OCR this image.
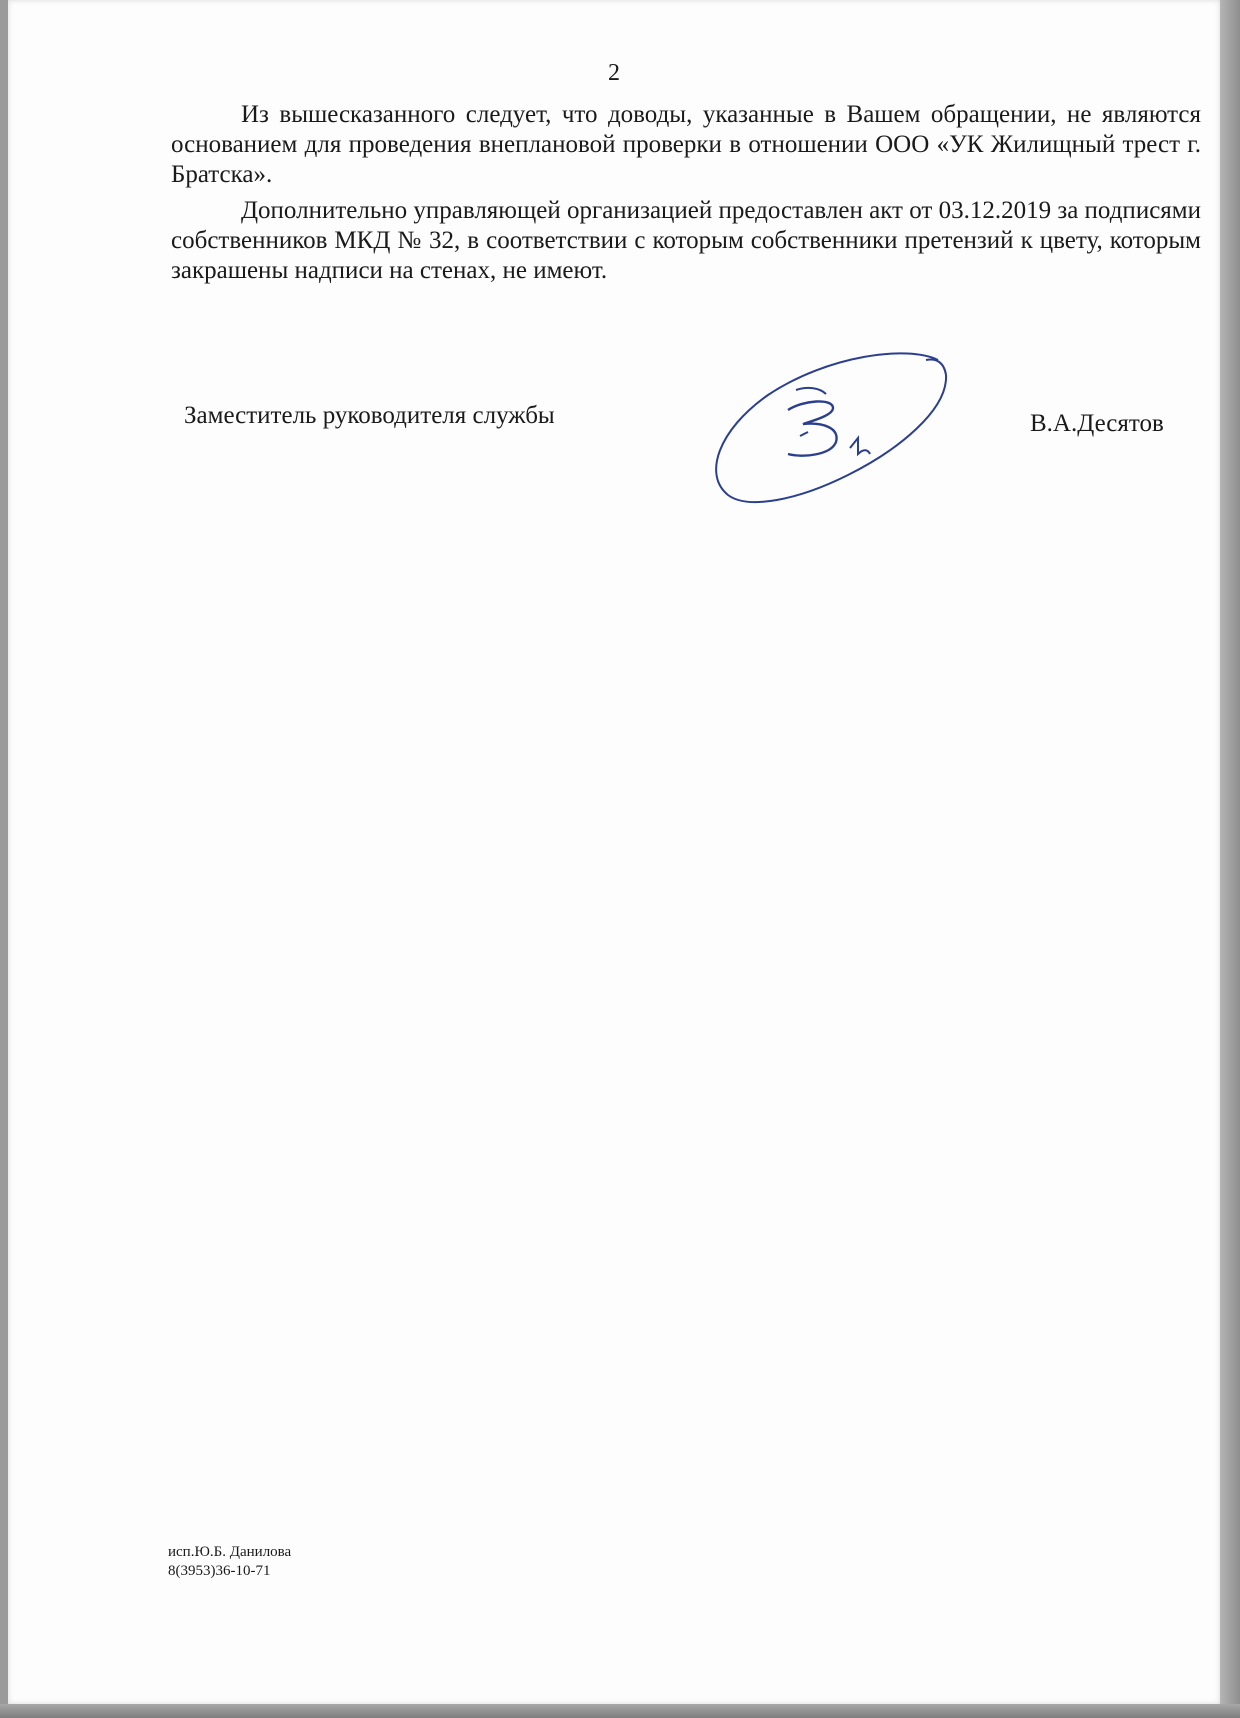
2

Из вышесказанного следует, что доводы, указанные в Вашем обращении, не являются основанием для проведения внеплановой проверки в отношении ООО «УК Жилищный трест г. Братска».

Дополнительно управляющей организацией предоставлен акт от 03.12.2019 за подписями собственников МКД № 32, в соответствии с которым собственники претензий к цвету, которым закрашены надписи на стенах, не имеют.

Заместитель руководителя службы	В.А.Десятов
исп.Ю.Б. Данилова
8(3953)36-10-71
